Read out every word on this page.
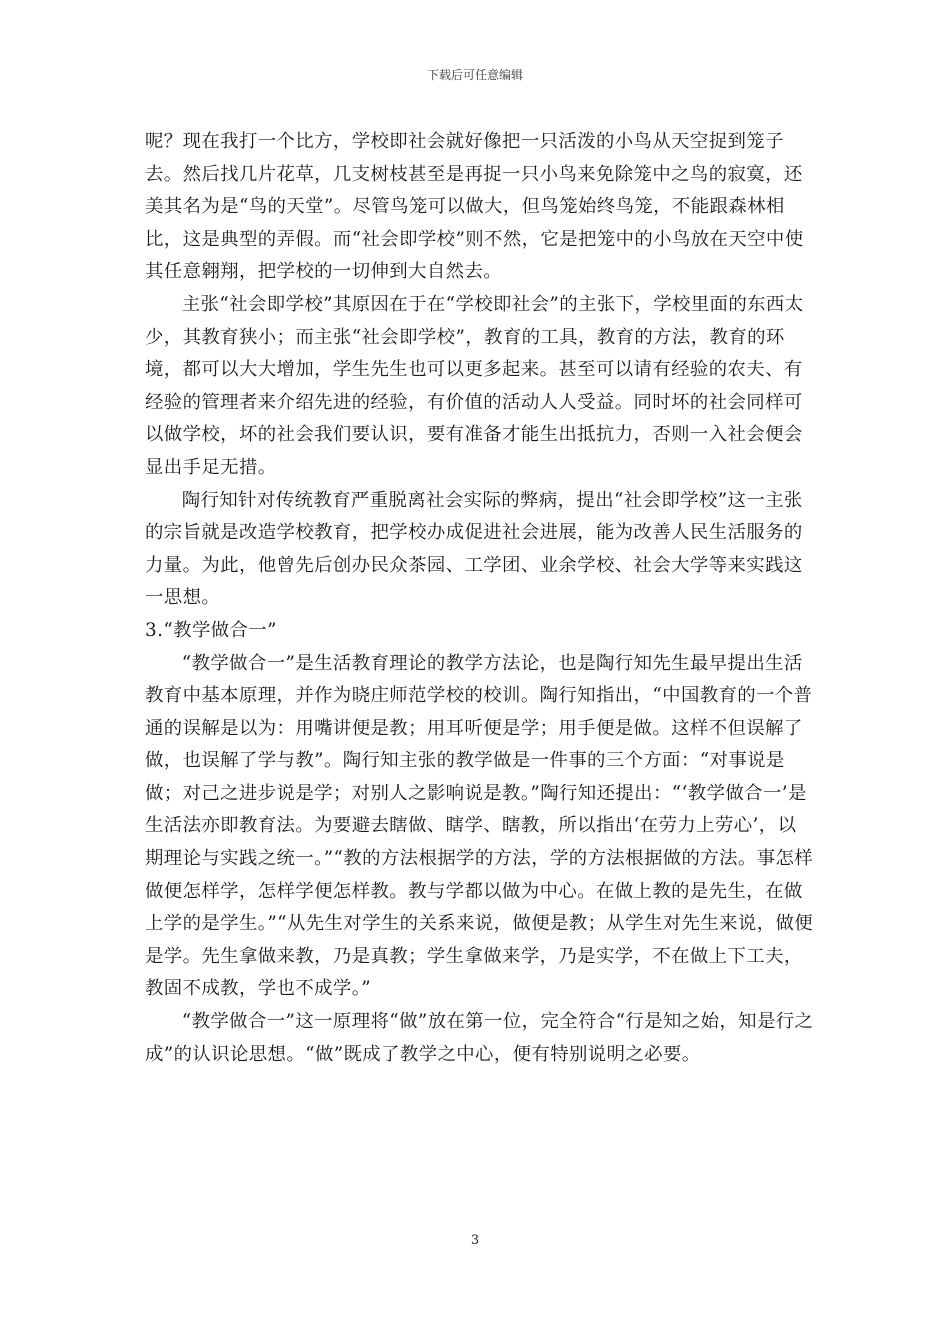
下载后可任意编辑

呢？现在我打一个比方，学校即社会就好像把一只活泼的小鸟从天空捉到笼子去。然后找几片花草，几支树枝甚至是再捉一只小鸟来免除笼中之鸟的寂寞，还美其名为是“鸟的天堂”。尽管鸟笼可以做大，但鸟笼始终鸟笼，不能跟森林相比，这是典型的弄假。而“社会即学校”则不然，它是把笼中的小鸟放在天空中使其任意翱翔，把学校的一切伸到大自然去。

主张“社会即学校”其原因在于在“学校即社会”的主张下，学校里面的东西太少，其教育狭小；而主张“社会即学校”，教育的工具，教育的方法，教育的环境，都可以大大增加，学生先生也可以更多起来。甚至可以请有经验的农夫、有经验的管理者来介绍先进的经验，有价值的活动人人受益。同时坏的社会同样可以做学校，坏的社会我们要认识，要有准备才能生出抵抗力，否则一入社会便会显出手足无措。

陶行知针对传统教育严重脱离社会实际的弊病，提出“社会即学校”这一主张的宗旨就是改造学校教育，把学校办成促进社会进展，能为改善人民生活服务的力量。为此，他曾先后创办民众茶园、工学团、业余学校、社会大学等来实践这一思想。

3.“教学做合一”

“教学做合一”是生活教育理论的教学方法论，也是陶行知先生最早提出生活教育中基本原理，并作为晓庄师范学校的校训。陶行知指出，“中国教育的一个普通的误解是以为：用嘴讲便是教；用耳听便是学；用手便是做。这样不但误解了做，也误解了学与教”。陶行知主张的教学做是一件事的三个方面：“对事说是做；对己之进步说是学；对别人之影响说是教。”陶行知还提出：“‘教学做合一’是生活法亦即教育法。为要避去瞎做、瞎学、瞎教，所以指出‘在劳力上劳心’，以期理论与实践之统一。”“教的方法根据学的方法，学的方法根据做的方法。事怎样做便怎样学，怎样学便怎样教。教与学都以做为中心。在做上教的是先生，在做上学的是学生。”“从先生对学生的关系来说，做便是教；从学生对先生来说，做便是学。先生拿做来教，乃是真教；学生拿做来学，乃是实学，不在做上下工夫，教固不成教，学也不成学。”

“教学做合一”这一原理将“做”放在第一位，完全符合“行是知之始，知是行之成”的认识论思想。“做”既成了教学之中心，便有特别说明之必要。

3
